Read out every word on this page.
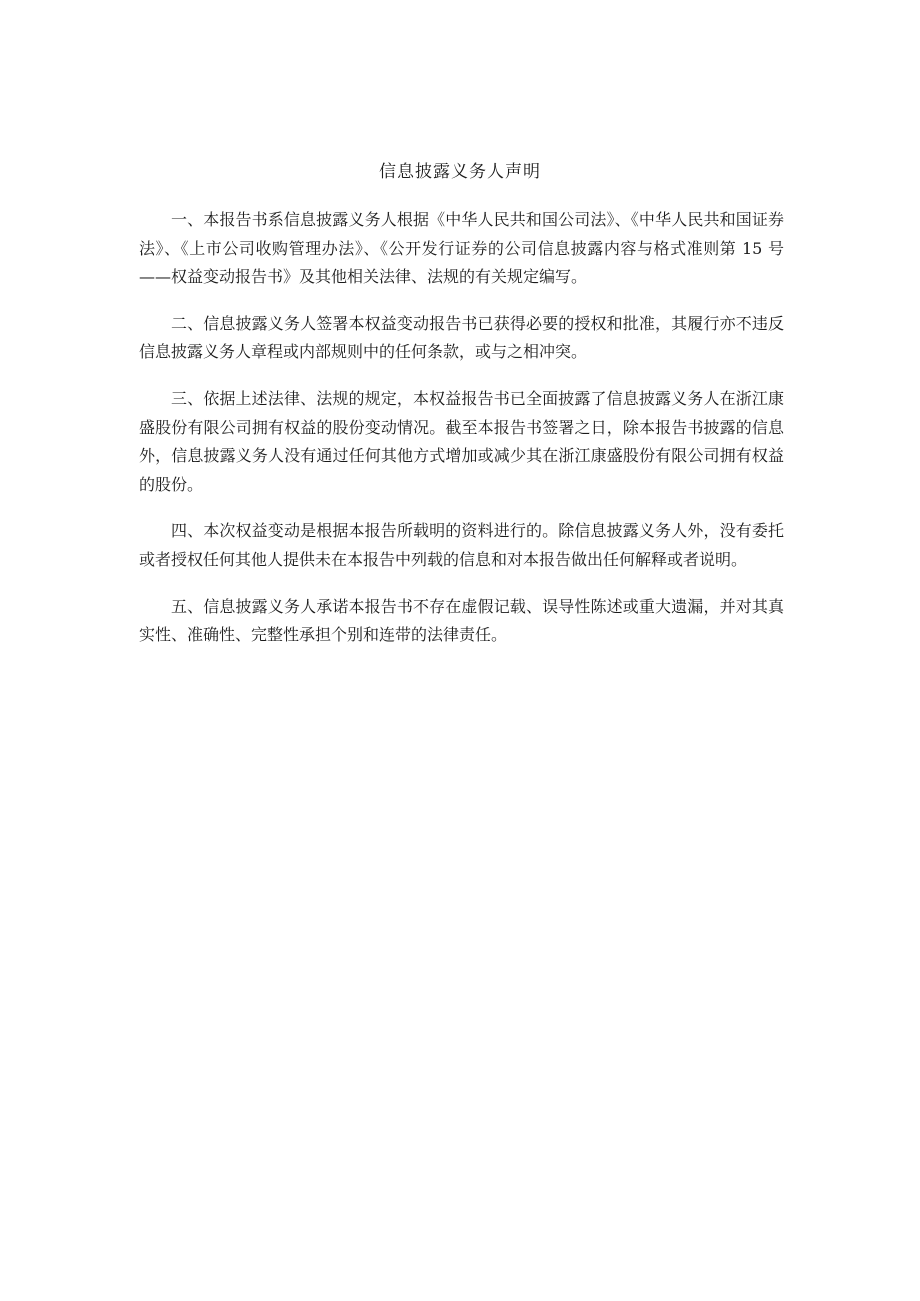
信息披露义务人声明

一、本报告书系信息披露义务人根据《中华人民共和国公司法》、《中华人民共和国证券法》、《上市公司收购管理办法》、《公开发行证券的公司信息披露内容与格式准则第 15 号——权益变动报告书》及其他相关法律、法规的有关规定编写。

二、信息披露义务人签署本权益变动报告书已获得必要的授权和批准，其履行亦不违反信息披露义务人章程或内部规则中的任何条款，或与之相冲突。

三、依据上述法律、法规的规定，本权益报告书已全面披露了信息披露义务人在浙江康盛股份有限公司拥有权益的股份变动情况。截至本报告书签署之日，除本报告书披露的信息外，信息披露义务人没有通过任何其他方式增加或减少其在浙江康盛股份有限公司拥有权益的股份。

四、本次权益变动是根据本报告所载明的资料进行的。除信息披露义务人外，没有委托或者授权任何其他人提供未在本报告中列载的信息和对本报告做出任何解释或者说明。

五、信息披露义务人承诺本报告书不存在虚假记载、误导性陈述或重大遗漏，并对其真实性、准确性、完整性承担个别和连带的法律责任。
